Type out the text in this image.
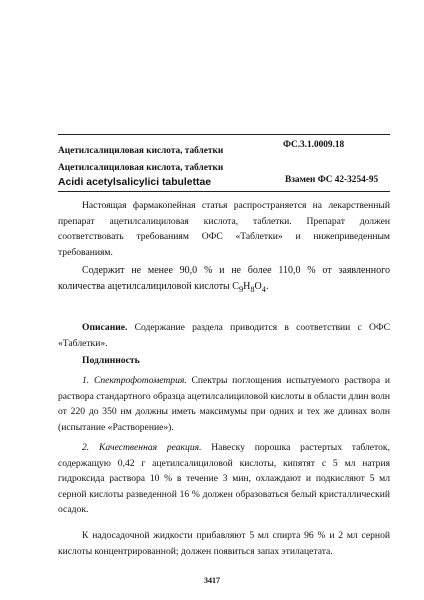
Ацетилсалициловая кислота, таблетки
ФС.3.1.0009.18
Ацетилсалициловая кислота, таблетки
Acidi acetylsalicylici tabulettae	Взамен ФС 42-3254-95
Настоящая фармакопейная статья распространяется на лекарственный препарат ацетилсалициловая кислота, таблетки. Препарат должен соответствовать требованиям ОФС «Таблетки» и нижеприведенным требованиям.
Содержит не менее 90,0 % и не более 110,0 % от заявленного количества ацетилсалициловой кислоты $C_9H_8O_4$.
Описание. Содержание раздела приводится в соответствии с ОФС «Таблетки».
Подлинность
1. Спектрофотометрия. Спектры поглощения испытуемого раствора и раствора стандартного образца ацетилсалициловой кислоты в области длин волн от 220 до 350 нм должны иметь максимумы при одних и тех же длинах волн (испытание «Растворение»).
2. Качественная реакция. Навеску порошка растертых таблеток, содержащую 0,42 г ацетилсалициловой кислоты, кипятят с 5 мл натрия гидроксида раствора 10 % в течение 3 мин, охлаждают и подкисляют 5 мл серной кислоты разведенной 16 % должен образоваться белый кристаллический осадок.
К надосадочной жидкости прибавляют 5 мл спирта 96 % и 2 мл серной кислоты концентрированной; должен появиться запах этилацетата.
3417
